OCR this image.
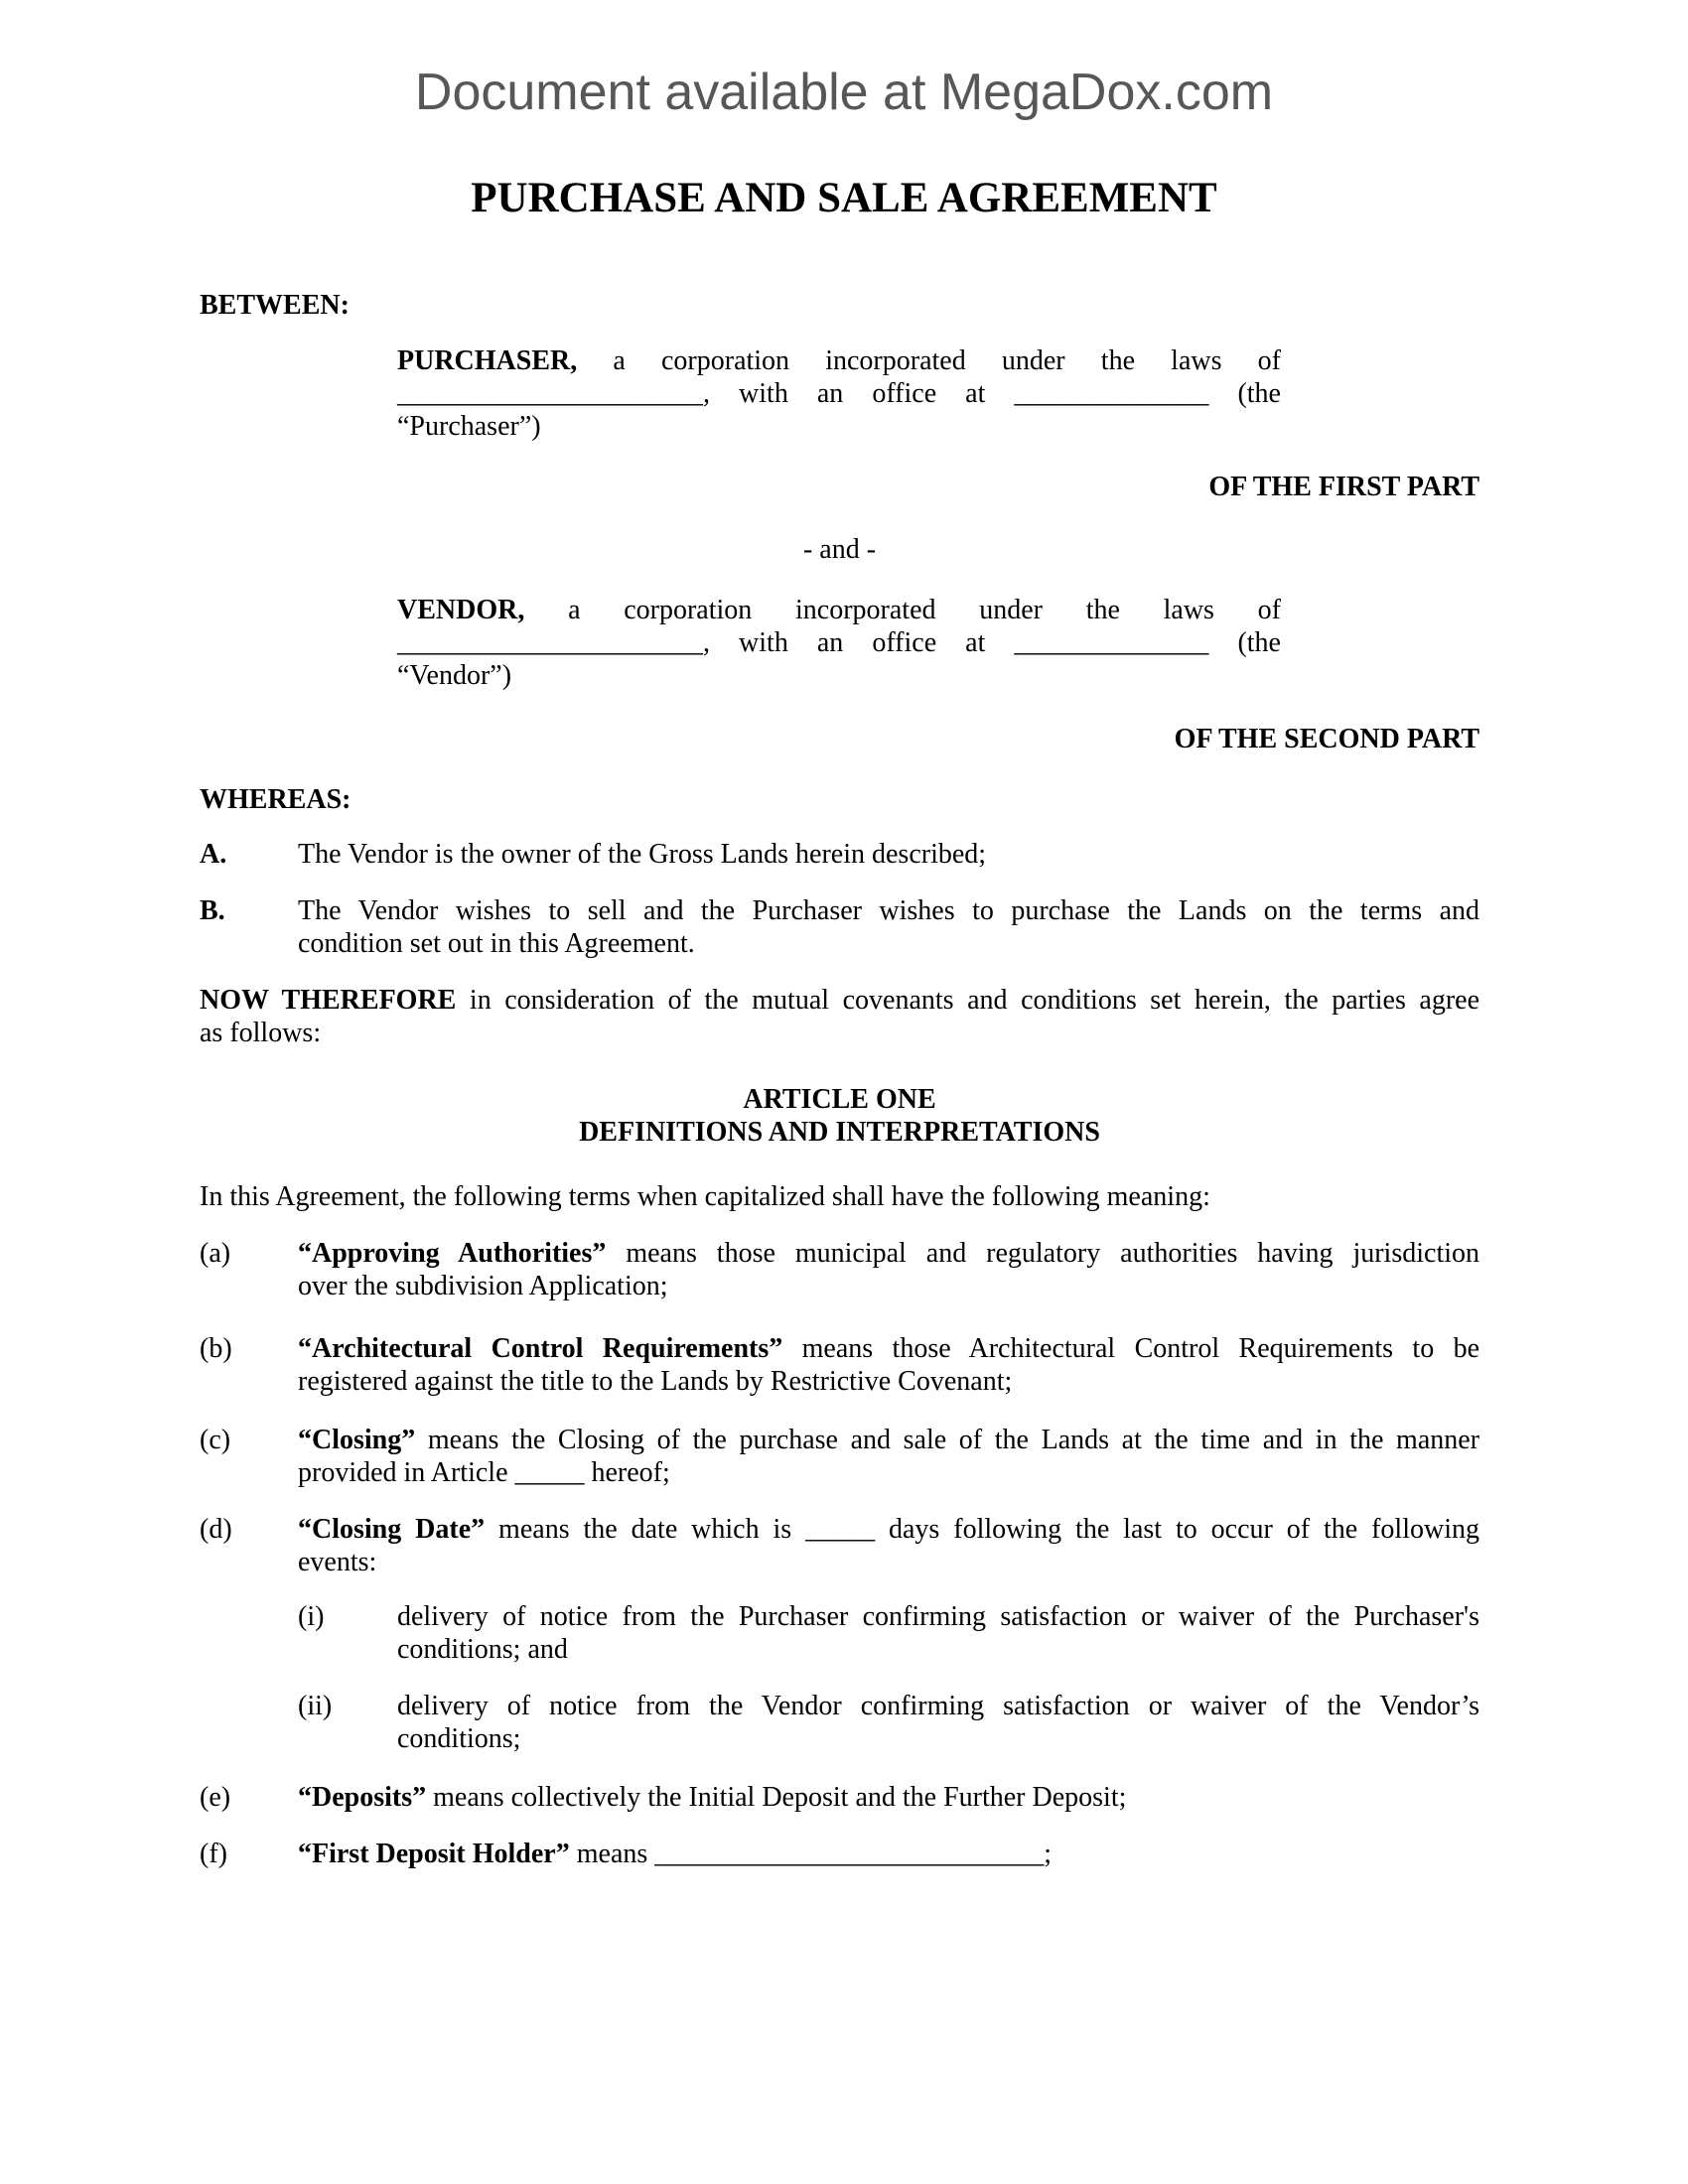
Document available at MegaDox.com
PURCHASE AND SALE AGREEMENT
BETWEEN:
PURCHASER, a corporation incorporated under the laws of
______________________, with an office at ______________ (the
“Purchaser”)
OF THE FIRST PART
- and -
VENDOR, a corporation incorporated under the laws of
______________________, with an office at ______________ (the
“Vendor”)
OF THE SECOND PART
WHEREAS:
A.	The Vendor is the owner of the Gross Lands herein described;
B.	The Vendor wishes to sell and the Purchaser wishes to purchase the Lands on the terms and
condition set out in this Agreement.
NOW THEREFORE in consideration of the mutual covenants and conditions set herein, the parties agree
as follows:
ARTICLE ONE
DEFINITIONS AND INTERPRETATIONS
In this Agreement, the following terms when capitalized shall have the following meaning:
(a)	“Approving Authorities” means those municipal and regulatory authorities having jurisdiction
over the subdivision Application;
(b)	“Architectural Control Requirements” means those Architectural Control Requirements to be
registered against the title to the Lands by Restrictive Covenant;
(c)	“Closing” means the Closing of the purchase and sale of the Lands at the time and in the manner
provided in Article _____ hereof;
(d)	“Closing Date” means the date which is _____ days following the last to occur of the following
events:
(i)	delivery of notice from the Purchaser confirming satisfaction or waiver of the Purchaser's
conditions; and
(ii)	delivery of notice from the Vendor confirming satisfaction or waiver of the Vendor’s
conditions;
(e)	“Deposits” means collectively the Initial Deposit and the Further Deposit;
(f)	“First Deposit Holder” means ____________________________;
